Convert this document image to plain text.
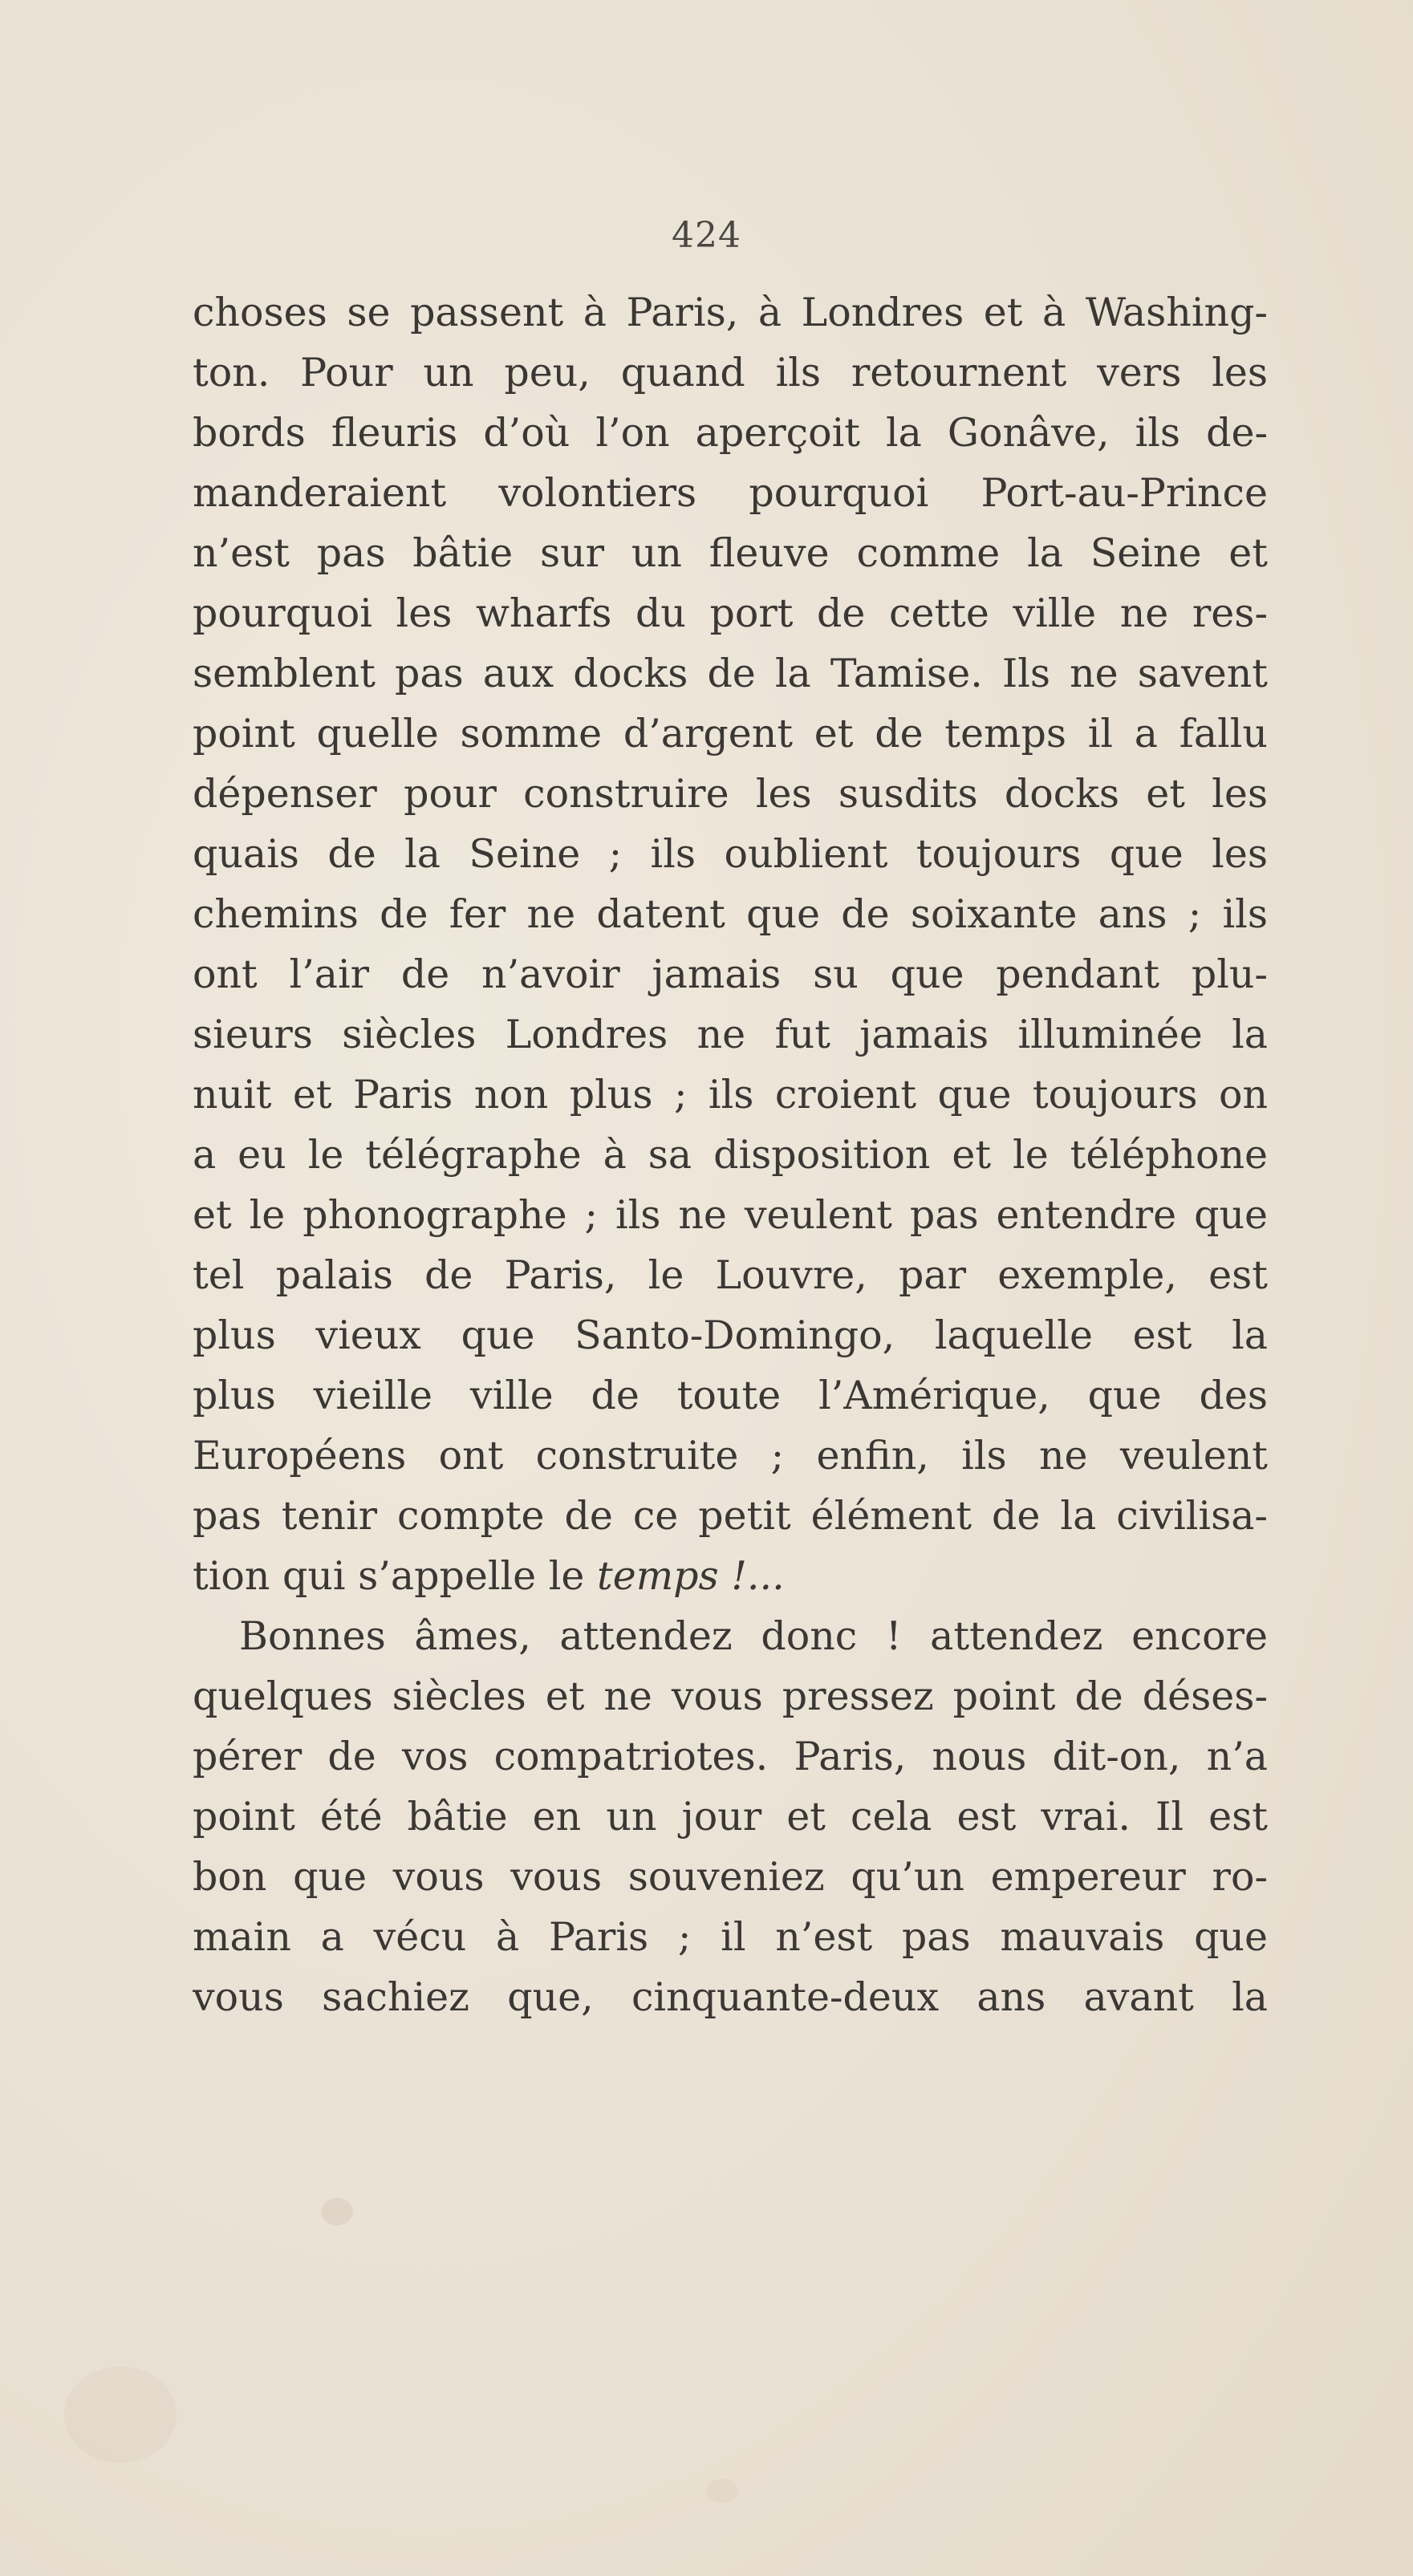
424
choses se passent à Paris, à Londres et à Washing-
ton. Pour un peu, quand ils retournent vers les
bords fleuris d’où l’on aperçoit la Gonâve, ils de-
manderaient volontiers pourquoi Port-au-Prince
n’est pas bâtie sur un fleuve comme la Seine et
pourquoi les wharfs du port de cette ville ne res-
semblent pas aux docks de la Tamise. Ils ne savent
point quelle somme d’argent et de temps il a fallu
dépenser pour construire les susdits docks et les
quais de la Seine ; ils oublient toujours que les
chemins de fer ne datent que de soixante ans ; ils
ont l’air de n’avoir jamais su que pendant plu-
sieurs siècles Londres ne fut jamais illuminée la
nuit et Paris non plus ; ils croient que toujours on
a eu le télégraphe à sa disposition et le téléphone
et le phonographe ; ils ne veulent pas entendre que
tel palais de Paris, le Louvre, par exemple, est
plus vieux que Santo-Domingo, laquelle est la
plus vieille ville de toute l’Amérique, que des
Européens ont construite ; enfin, ils ne veulent
pas tenir compte de ce petit élément de la civilisa-
tion qui s’appelle le temps !...
Bonnes âmes, attendez donc ! attendez encore
quelques siècles et ne vous pressez point de déses-
pérer de vos compatriotes. Paris, nous dit-on, n’a
point été bâtie en un jour et cela est vrai. Il est
bon que vous vous souveniez qu’un empereur ro-
main a vécu à Paris ; il n’est pas mauvais que
vous sachiez que, cinquante-deux ans avant la
